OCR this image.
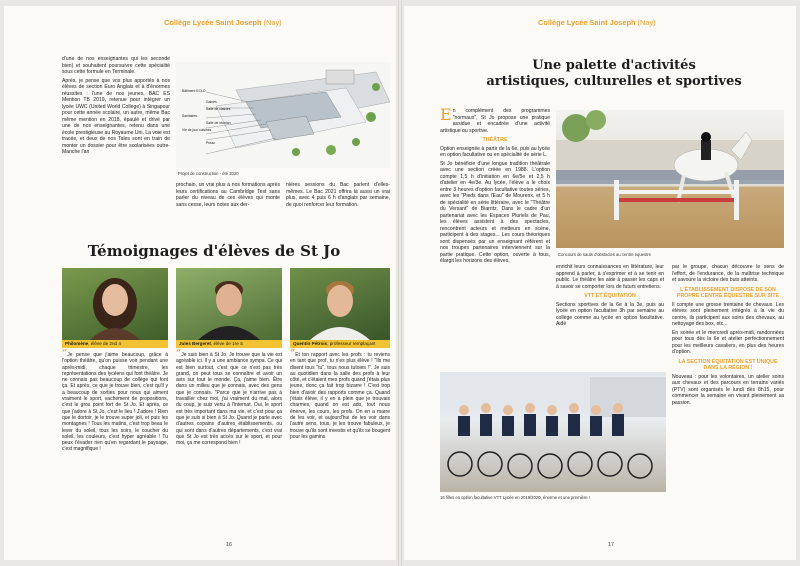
Collège Lycée Saint Joseph (Nay)

d'une de nos enseignantes qui les seconde bien) et souhaitent poursuivre cette spécialité sous cette formule en Terminale.

Après, je pense que vos plus apportés à nos élèves de section Euro Anglais et à d'énormes réussites : l'une de nos jeunes, BAC ES Mention TB 2019, retenue pour intégrer un lycée UWC (United World College) à Singapour pour cette année scolaire, un autre, même Bac même mention en 2018, épaulé et drivé par une de nos enseignantes, retenu dans une école prestigieuse au Royaume Uni. La voie est tracée, et deux de nos Tales sont en train de monter un dossier pour être scolarisées outre-Manche l'an

Bâtiment ECLO
Gaines
Salle de classes
Sanitaires
Salle de réunion
Vie de jour cuisines
Préau
Projet de construction - été 2020
prochain, un vrai plus à nos formations après leurs certifications au Cambridge Test sans parler du niveau de ces élèves qui monte sans cesse, leurs notes aux der-
nières sessions du Bac parlent d'elles-mêmes. Le Bac 2021 offrira là aussi un vrai plus, avec 4 puis 6 h d'anglais par semaine, de quoi renforcer leur formation.
Témoignages d'élèves de St Jo
Philomène, élève de 2nd 4	Jules Bergeret, élève de 1re S	Quentin Pétrois, professeur remplaçant
“Je pense que j'aime beaucoup, grâce à l'option théâtre, qu'on puisse voir pendant une après-midi, chaque trimestre, les représentations des lycéens qui font théâtre. Je ne connais pas beaucoup de collège qui font ça. Et après, ce que je trouve bien, c'est qu'il y a beaucoup de sorties pour nous qui aiment vraiment le sport, vachement de propositions, c'est le gros point fort de St Jo. Et après, ce que j'adore à St Jo, c'est le lieu ! J'adore ! Rien que le dortoir, je le trouve super joli, et puis les montagnes ! Tous les matins, c'est trop beau le lever du soleil, tous les soirs, le coucher du soleil, les couleurs, c'est hyper agréable ! Tu peux t'évader rien qu'en regardant le paysage, c'est magnifique !
“Je suis bien à St Jo. Je trouve que la vie est agréable ici. Il y a une ambiance sympa. Ce qui est bien surtout, c'est que ce n'est pas très grand, on peut tous se connaître et avoir un avis sur tout le monde. Ça, j'aime bien. Être dans un milieu que je connais, avec des gens que je connais. "Parce que je n'arrive pas à travailler chez moi, j'ai vraiment du mal, alors du coup, je suis venu à l'internat. Oui, le sport est très important dans ma vie, et c'est pour ça que je suis si bien à St Jo. Quand je parle avec d'autres copains d'autres établissements, ou qui sont dans d'autres départements, c'est vrai que St Jo est très accès sur le sport, et pour moi, ça me correspond bien !
“Et ton rapport avec les profs : tu reviens en tant que prof, tu n'es plus élève ! "Ils me disent tous "tu", tous nous tutoies !". Je suis au quotidien dans la salle des profs à leur côté, et c'étaient mes profs quand j'étais plus jeune, donc ça fait trop bizarre ! C'est trop bien d'avoir des rapports comme ça. Quand j'étais élève, il y en a plein que je trouvais charmes, quand on est ado, tout nous énerve, les cours, les profs. On en a marre de les voir, et aujourd'hui de les voir dans l'autre sens, tous, je les trouve fabuleux, je trouve qu'ils sont investis et qu'ils se bougent pour les gamins
16
Collège Lycée Saint Joseph (Nay)
Une palette d'activités
artistiques, culturelles et sportives

En complément des programmes "normaux", St Jo propose une pratique assidue et encadrée d'une activité artistique ou sportive.

THÉÂTRE

Option enseignée à partir de la 6e, puis au lycée en option facultative ou en spécialité de série L.

St Jo bénéficie d'une longue tradition théâtrale avec une section créée en 1988. L'option compte 1,5 h d'initiation en 6e/5e et 2,5 h d'atelier en 4e/3e. Au lycée, l'élève a le choix entre 3 heures d'option facultative toutes séries, avec les "Pieds dans l'Eau" de Mourenx, et 5 h de spécialité en série littéraire, avec le "Théâtre du Versant" de Biarritz. Dans le cadre d'un partenariat avec les Espaces Pluriels de Pau, les élèves assistent à des spectacles, rencontrent acteurs et metteurs en scène, participent à des stages... Les cours théoriques sont dispensés par un enseignant référent et nos troupes partenaires interviennent sur la partie pratique. Cette option, ouverte à tous, élargit les horizons des élèves,

Concours de sauts d'obstacles au centre équestre

enrichit leurs connaissances en littérature, leur apprend à parler, à s'exprimer et à se tenir en public. Le théâtre les aide à passer les caps et à savoir se comporter lors de futurs entretiens.

VTT ET ÉQUITATION

Sections sportives de la 6e à la 3e, puis au lycée en option facultative 3h par semaine au collège comme au lycée en option facultative. Aidé

par le groupe, chacun découvre le sens de l'effort, de l'endurance, de la maîtrise technique et savoure la victoire des buts atteints.

L'ÉTABLISSEMENT DISPOSE DE SON PROPRE CENTRE ÉQUESTRE SUR SITE

Il compte une grosse trentaine de chevaux. Les élèves sont pleinement intégrés à la vie du centre, ils participent aux soins des chevaux, au nettoyage des box, etc...

En soirée et le mercredi après-midi, randonnées pour tous dès la 6e et atelier perfectionnement pour les meilleurs cavaliers, en plus des heures d'option.

LA SECTION ÉQUITATION EST UNIQUE DANS LA RÉGION !

Nouveau : pour les volontaires, un atelier soins aux chevaux et des parcours en terrains variés (PTV) sont organisés le lundi dès 8h15, pour commencer la semaine en vivant pleinement sa passion.

16 filles en option facultative VTT Lycée en 2019/2020, énorme et une première !
17
